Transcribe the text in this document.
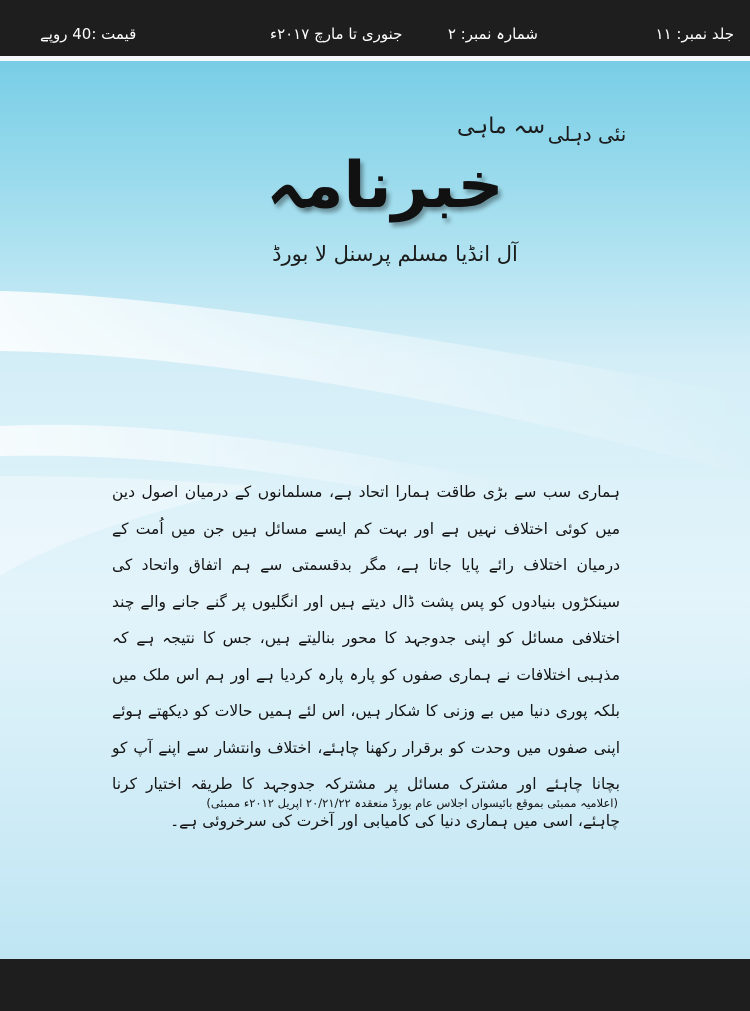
جلد نمبر: ١١
شمارہ نمبر: ٢
جنوری تا مارچ ٢٠١٧ء
قیمت :40 روپے
سہ ماہی نئی دہلی
خبرنامہ
آل انڈیا مسلم پرسنل لا بورڈ
ہماری سب سے بڑی طاقت ہمارا اتحاد ہے، مسلمانوں کے درمیان اصول دین میں کوئی اختلاف نہیں ہے اور بہت کم ایسے مسائل ہیں جن میں اُمت کے درمیان اختلاف رائے پایا جاتا ہے، مگر بدقسمتی سے ہم اتفاق واتحاد کی سینکڑوں بنیادوں کو پس پشت ڈال دیتے ہیں اور انگلیوں پر گنے جانے والے چند اختلافی مسائل کو اپنی جدوجہد کا محور بنالیتے ہیں، جس کا نتیجہ ہے کہ مذہبی اختلافات نے ہماری صفوں کو پارہ پارہ کردیا ہے اور ہم اس ملک میں بلکہ پوری دنیا میں بے وزنی کا شکار ہیں، اس لئے ہمیں حالات کو دیکھتے ہوئے اپنی صفوں میں وحدت کو برقرار رکھنا چاہئے، اختلاف وانتشار سے اپنے آپ کو بچانا چاہئے اور مشترک مسائل پر مشترکہ جدوجہد کا طریقہ اختیار کرنا چاہئے، اسی میں ہماری دنیا کی کامیابی اور آخرت کی سرخروئی ہے۔
(اعلامیہ ممبئی بموقع بائیسواں اجلاس عام بورڈ منعقدہ ٢٠/٢١/٢٢ اپریل ٢٠١٢ء ممبئی)
